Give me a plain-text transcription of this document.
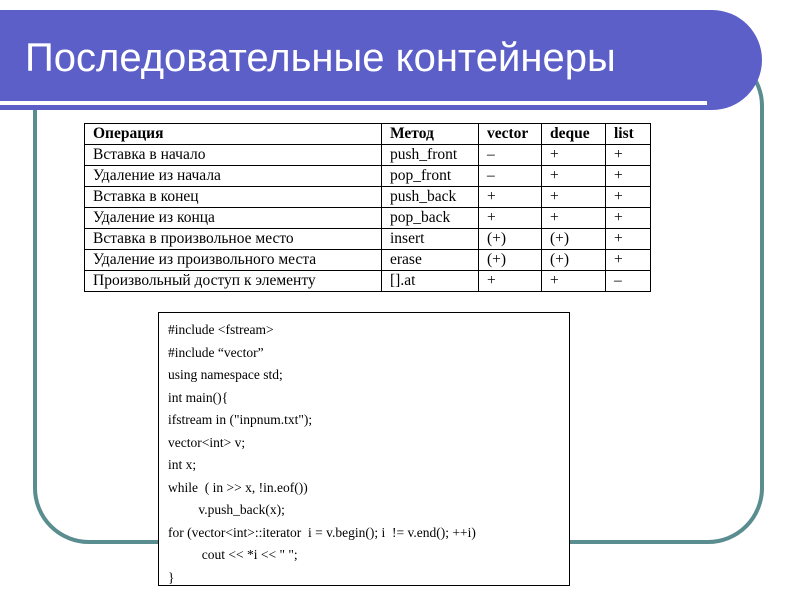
Последовательные контейнеры
Операция	Метод	vector	deque	list
Вставка в начало	push_front	–	+	+
Удаление из начала	pop_front	–	+	+
Вставка в конец	push_back	+	+	+
Удаление из конца	pop_back	+	+	+
Вставка в произвольное место	insert	(+)	(+)	+
Удаление из произвольного места	erase	(+)	(+)	+
Произвольный доступ к элементу	[].at	+	+	–
#include <fstream>
#include “vector”
using namespace std;
int main(){
ifstream in ("inpnum.txt");
vector<int> v;
int x;
while  ( in >> x, !in.eof())
v.push_back(x);
for (vector<int>::iterator  i = v.begin(); i  != v.end(); ++i)
cout << *i << " ";
}
